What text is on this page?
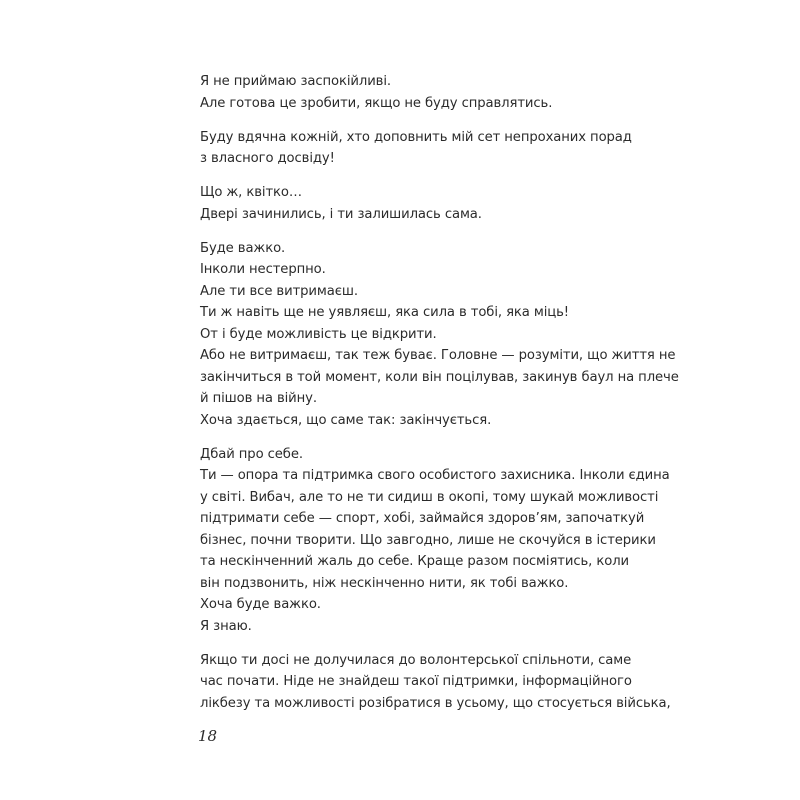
Я не приймаю заспокійливі.
Але готова це зробити, якщо не буду справлятись.

Буду вдячна кожній, хто доповнить мій сет непроханих порад
з власного досвіду!

Що ж, квітко…
Двері зачинились, і ти залишилась сама.

Буде важко.
Інколи нестерпно.
Але ти все витримаєш.
Ти ж навіть ще не уявляєш, яка сила в тобі, яка міць!
От і буде можливість це відкрити.
Або не витримаєш, так теж буває. Головне — розуміти, що життя не
закінчиться в той момент, коли він поцілував, закинув баул на плече
й пішов на війну.
Хоча здається, що саме так: закінчується.

Дбай про себе.
Ти — опора та підтримка свого особистого захисника. Інколи єдина
у світі. Вибач, але то не ти сидиш в окопі, тому шукай можливості
підтримати себе — спорт, хобі, займайся здоров’ям, започаткуй
бізнес, почни творити. Що завгодно, лише не скочуйся в істерики
та нескінченний жаль до себе. Краще разом посміятись, коли
він подзвонить, ніж нескінченно нити, як тобі важко.
Хоча буде важко.
Я знаю.

Якщо ти досі не долучилася до волонтерської спільноти, саме
час почати. Ніде не знайдеш такої підтримки, інформаційного
лікбезу та можливості розібратися в усьому, що стосується війська,

18
